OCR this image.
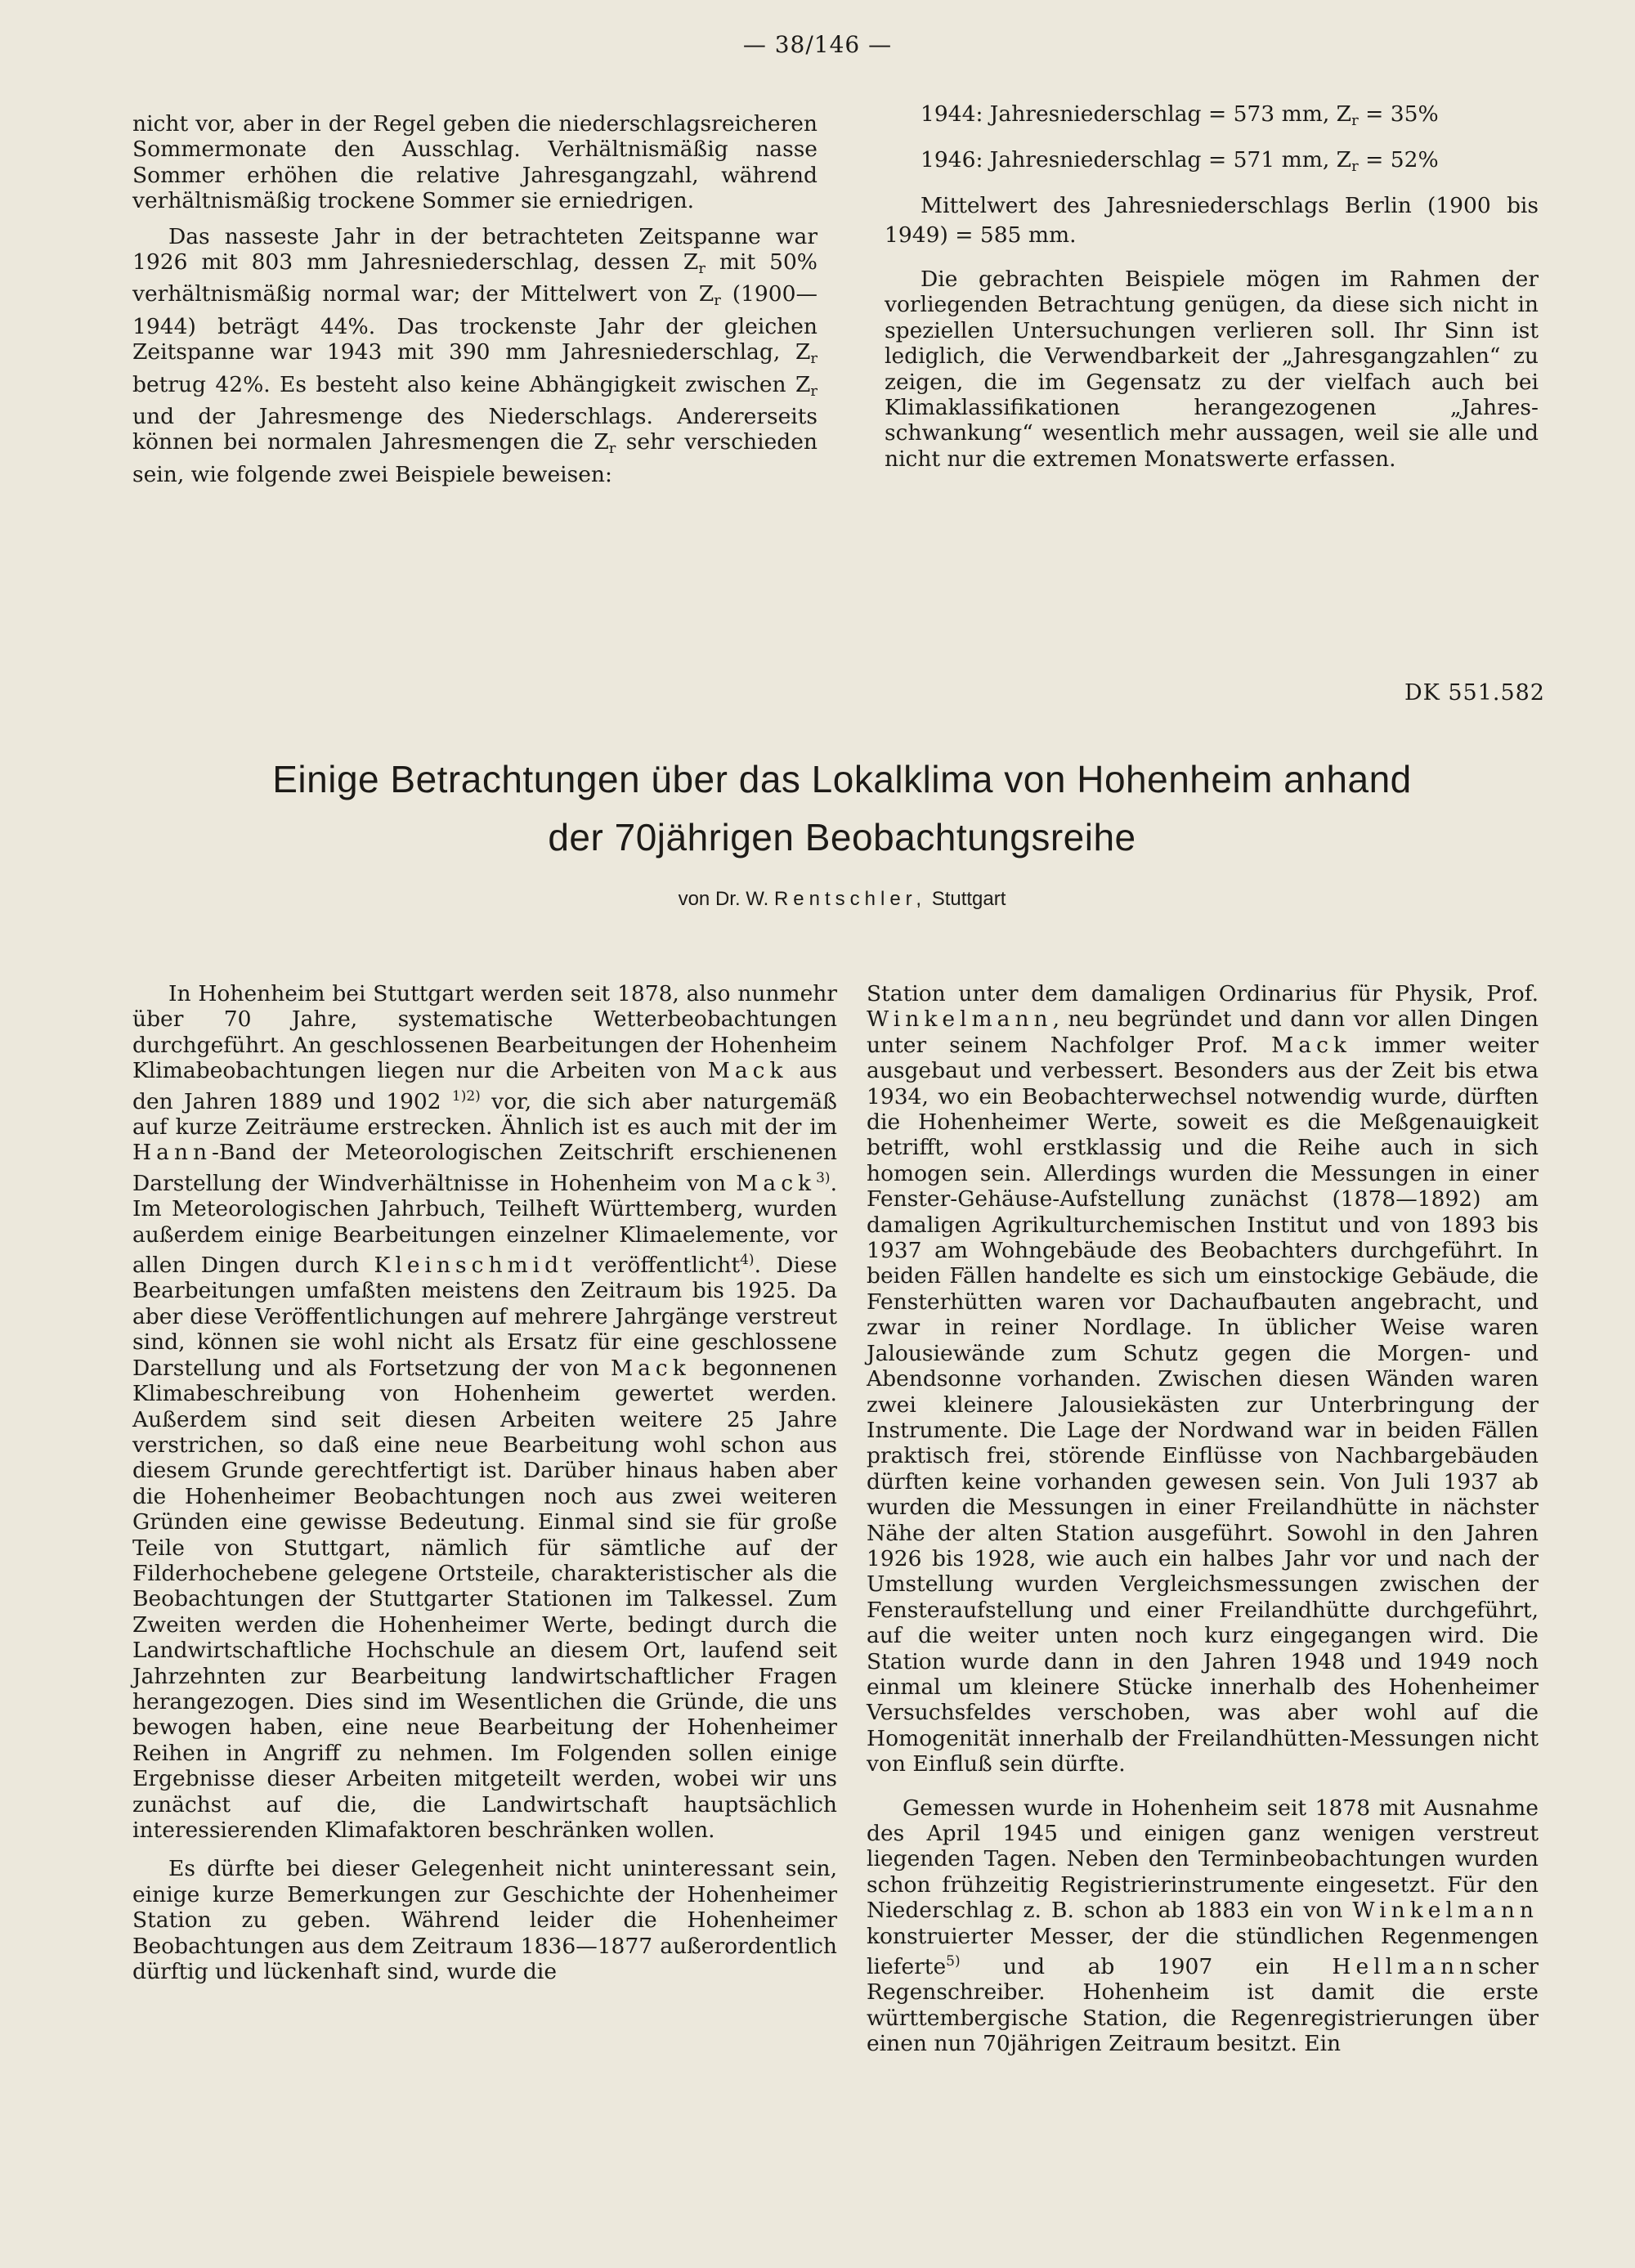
— 38/146 —

nicht vor, aber in der Regel geben die niederschlagsreicheren Sommermonate den Ausschlag. Verhältnismäßig nasse Sommer erhöhen die relative Jahresgangzahl, während verhältnismäßig trockene Sommer sie erniedrigen.

Das nasseste Jahr in der betrachteten Zeitspanne war 1926 mit 803 mm Jahresniederschlag, dessen $Z_r$ mit 50% verhältnismäßig normal war; der Mittelwert von $Z_r$ (1900—1944) beträgt 44%. Das trockenste Jahr der gleichen Zeitspanne war 1943 mit 390 mm Jahresniederschlag, $Z_r$ betrug 42%. Es besteht also keine Abhängigkeit zwischen $Z_r$ und der Jahresmenge des Niederschlags. Andererseits können bei normalen Jahresmengen die $Z_r$ sehr verschieden sein, wie folgende zwei Beispiele beweisen:

1944: Jahresniederschlag = 573 mm, $Z_r = 35\%$

1946: Jahresniederschlag = 571 mm, $Z_r = 52\%$

Mittelwert des Jahresniederschlags Berlin (1900 bis 1949) = 585 mm.

Die gebrachten Beispiele mögen im Rahmen der vorliegenden Betrachtung genügen, da diese sich nicht in speziellen Untersuchungen verlieren soll. Ihr Sinn ist lediglich, die Verwendbarkeit der „Jahresgangzahlen“ zu zeigen, die im Gegensatz zu der vielfach auch bei Klimaklassifikationen herangezogenen „Jahresschwankung“ wesentlich mehr aussagen, weil sie alle und nicht nur die extremen Monatswerte erfassen.

DK 551.582
Einige Betrachtungen über das Lokalklima von Hohenheim anhand
der 70jährigen Beobachtungsreihe
von Dr. W. Rentschler, Stuttgart

In Hohenheim bei Stuttgart werden seit 1878, also nunmehr über 70 Jahre, systematische Wetterbeobachtungen durchgeführt. An geschlossenen Bearbeitungen der Hohenheim Klimabeobachtungen liegen nur die Arbeiten von Mack aus den Jahren 1889 und 1902 $^{1)2)}$ vor, die sich aber naturgemäß auf kurze Zeiträume erstrecken. Ähnlich ist es auch mit der im Hann-Band der Meteorologischen Zeitschrift erschienenen Darstellung der Windverhältnisse in Hohenheim von Mack$^{3)}$. Im Meteorologischen Jahrbuch, Teilheft Württemberg, wurden außerdem einige Bearbeitungen einzelner Klimaelemente, vor allen Dingen durch Kleinschmidt veröffentlicht$^{4)}$. Diese Bearbeitungen umfaßten meistens den Zeitraum bis 1925. Da aber diese Veröffentlichungen auf mehrere Jahrgänge verstreut sind, können sie wohl nicht als Ersatz für eine geschlossene Darstellung und als Fortsetzung der von Mack begonnenen Klimabeschreibung von Hohenheim gewertet werden. Außerdem sind seit diesen Arbeiten weitere 25 Jahre verstrichen, so daß eine neue Bearbeitung wohl schon aus diesem Grunde gerechtfertigt ist. Darüber hinaus haben aber die Hohenheimer Beobachtungen noch aus zwei weiteren Gründen eine gewisse Bedeutung. Einmal sind sie für große Teile von Stuttgart, nämlich für sämtliche auf der Filderhochebene gelegene Ortsteile, charakteristischer als die Beobachtungen der Stuttgarter Stationen im Talkessel. Zum Zweiten werden die Hohenheimer Werte, bedingt durch die Landwirtschaftliche Hochschule an diesem Ort, laufend seit Jahrzehnten zur Bearbeitung landwirtschaftlicher Fragen herangezogen. Dies sind im Wesentlichen die Gründe, die uns bewogen haben, eine neue Bearbeitung der Hohenheimer Reihen in Angriff zu nehmen. Im Folgenden sollen einige Ergebnisse dieser Arbeiten mitgeteilt werden, wobei wir uns zunächst auf die, die Landwirtschaft hauptsächlich interessierenden Klimafaktoren beschränken wollen.

Es dürfte bei dieser Gelegenheit nicht uninteressant sein, einige kurze Bemerkungen zur Geschichte der Hohenheimer Station zu geben. Während leider die Hohenheimer Beobachtungen aus dem Zeitraum 1836—1877 außerordentlich dürftig und lückenhaft sind, wurde die

Station unter dem damaligen Ordinarius für Physik, Prof. Winkelmann, neu begründet und dann vor allen Dingen unter seinem Nachfolger Prof. Mack immer weiter ausgebaut und verbessert. Besonders aus der Zeit bis etwa 1934, wo ein Beobachterwechsel notwendig wurde, dürften die Hohenheimer Werte, soweit es die Meßgenauigkeit betrifft, wohl erstklassig und die Reihe auch in sich homogen sein. Allerdings wurden die Messungen in einer Fenster-Gehäuse-Aufstellung zunächst (1878—1892) am damaligen Agrikulturchemischen Institut und von 1893 bis 1937 am Wohngebäude des Beobachters durchgeführt. In beiden Fällen handelte es sich um einstockige Gebäude, die Fensterhütten waren vor Dachaufbauten angebracht, und zwar in reiner Nordlage. In üblicher Weise waren Jalousiewände zum Schutz gegen die Morgen- und Abendsonne vorhanden. Zwischen diesen Wänden waren zwei kleinere Jalousiekästen zur Unterbringung der Instrumente. Die Lage der Nordwand war in beiden Fällen praktisch frei, störende Einflüsse von Nachbargebäuden dürften keine vorhanden gewesen sein. Von Juli 1937 ab wurden die Messungen in einer Freilandhütte in nächster Nähe der alten Station ausgeführt. Sowohl in den Jahren 1926 bis 1928, wie auch ein halbes Jahr vor und nach der Umstellung wurden Vergleichsmessungen zwischen der Fensteraufstellung und einer Freilandhütte durchgeführt, auf die weiter unten noch kurz eingegangen wird. Die Station wurde dann in den Jahren 1948 und 1949 noch einmal um kleinere Stücke innerhalb des Hohenheimer Versuchsfeldes verschoben, was aber wohl auf die Homogenität innerhalb der Freilandhütten-Messungen nicht von Einfluß sein dürfte.

Gemessen wurde in Hohenheim seit 1878 mit Ausnahme des April 1945 und einigen ganz wenigen verstreut liegenden Tagen. Neben den Terminbeobachtungen wurden schon frühzeitig Registrierinstrumente eingesetzt. Für den Niederschlag z. B. schon ab 1883 ein von Winkelmann konstruierter Messer, der die stündlichen Regenmengen lieferte$^{5)}$ und ab 1907 ein Hellmannscher Regenschreiber. Hohenheim ist damit die erste württembergische Station, die Regenregistrierungen über einen nun 70jährigen Zeitraum besitzt. Ein
